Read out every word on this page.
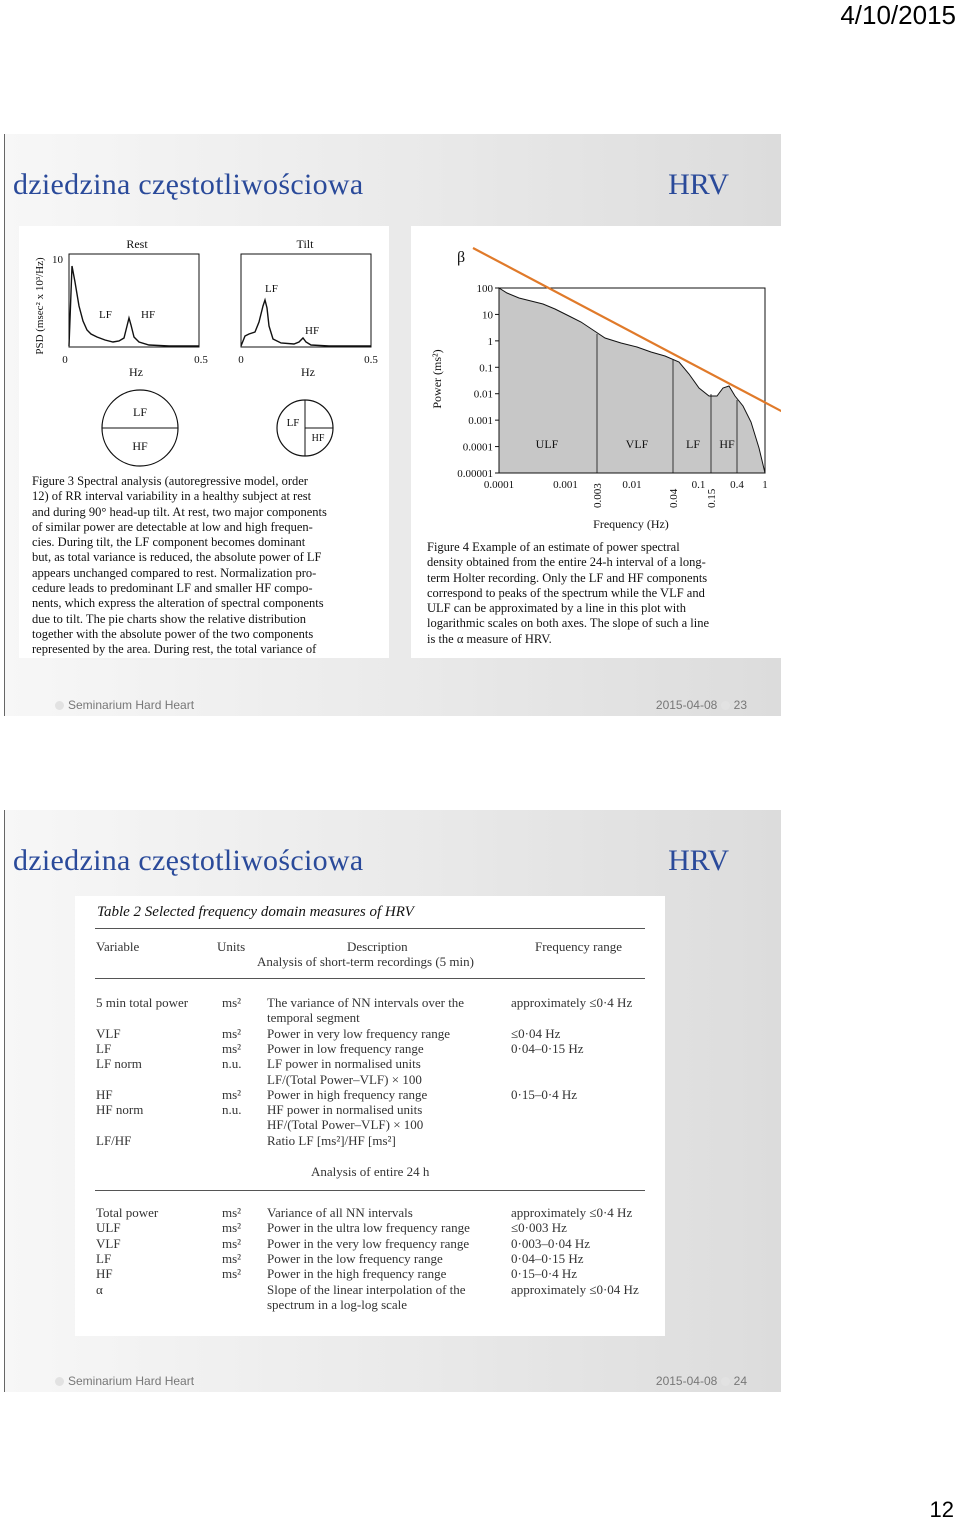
4/10/2015
dziedzina częstotliwościowa	HRV
PSD (msec² x 10³/Hz)
Rest
10
0	0.5
Hz
LF	HF
Tilt
0	0.5
Hz
LF
HF
LF
HF
LF
HF
Figure 3 Spectral analysis (autoregressive model, order
12) of RR interval variability in a healthy subject at rest
and during 90° head-up tilt. At rest, two major components
of similar power are detectable at low and high frequen-
cies. During tilt, the LF component becomes dominant
but, as total variance is reduced, the absolute power of LF
appears unchanged compared to rest. Normalization pro-
cedure leads to predominant LF and smaller HF compo-
nents, which express the alteration of spectral components
due to tilt. The pie charts show the relative distribution
together with the absolute power of the two components
represented by the area. During rest, the total variance of
β
Power (ms²)
100
10
1
0.1
0.01
0.001
0.0001
0.00001
0.0001	0.001	0.01	0.1	1
0.003	0.04 0.15
0.4
LF HF
ULF	VLF
Frequency (Hz)
Figure 4 Example of an estimate of power spectral
density obtained from the entire 24-h interval of a long-
term Holter recording. Only the LF and HF components
correspond to peaks of the spectrum while the VLF and
ULF can be approximated by a line in this plot with
logarithmic scales on both axes. The slope of such a line
is the α measure of HRV.
Seminarium Hard Heart	2015-04-08 23
dziedzina częstotliwościowa	HRV
Table 2 Selected frequency domain measures of HRV
Variable	Units	Description	Frequency range
Analysis of short-term recordings (5 min)
5 min total power	ms² The variance of NN intervals over the	approximately ≤0·4 Hz
temporal segment
VLF	ms² Power in very low frequency range	≤0·04 Hz
LF	ms² Power in low frequency range	0·04–0·15 Hz
LF norm	n.u. LF power in normalised units
LF/(Total Power–VLF) × 100
HF	ms² Power in high frequency range	0·15–0·4 Hz
HF norm	n.u. HF power in normalised units
HF/(Total Power–VLF) × 100
LF/HF	Ratio LF [ms²]/HF [ms²]
Analysis of entire 24 h
Total power	ms² Variance of all NN intervals	approximately ≤0·4 Hz
ULF	ms² Power in the ultra low frequency range	≤0·003 Hz
VLF	ms² Power in the very low frequency range	0·003–0·04 Hz
LF	ms² Power in the low frequency range	0·04–0·15 Hz
HF	ms² Power in the high frequency range	0·15–0·4 Hz
α	Slope of the linear interpolation of the	approximately ≤0·04 Hz
spectrum in a log-log scale
Seminarium Hard Heart	2015-04-08 24
12
